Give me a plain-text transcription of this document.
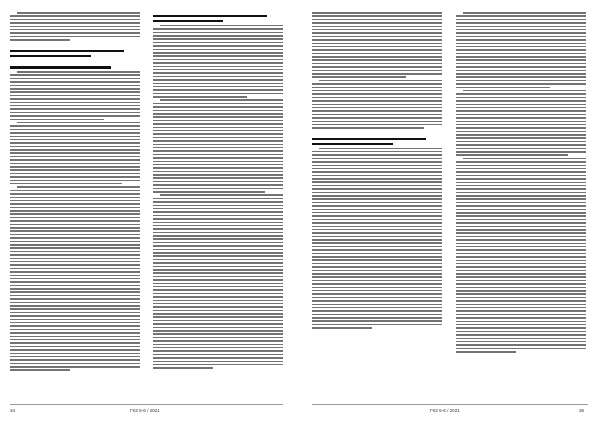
34	ГКЗ 5-6 / 2021	ГКЗ 5-6 / 2021	35
